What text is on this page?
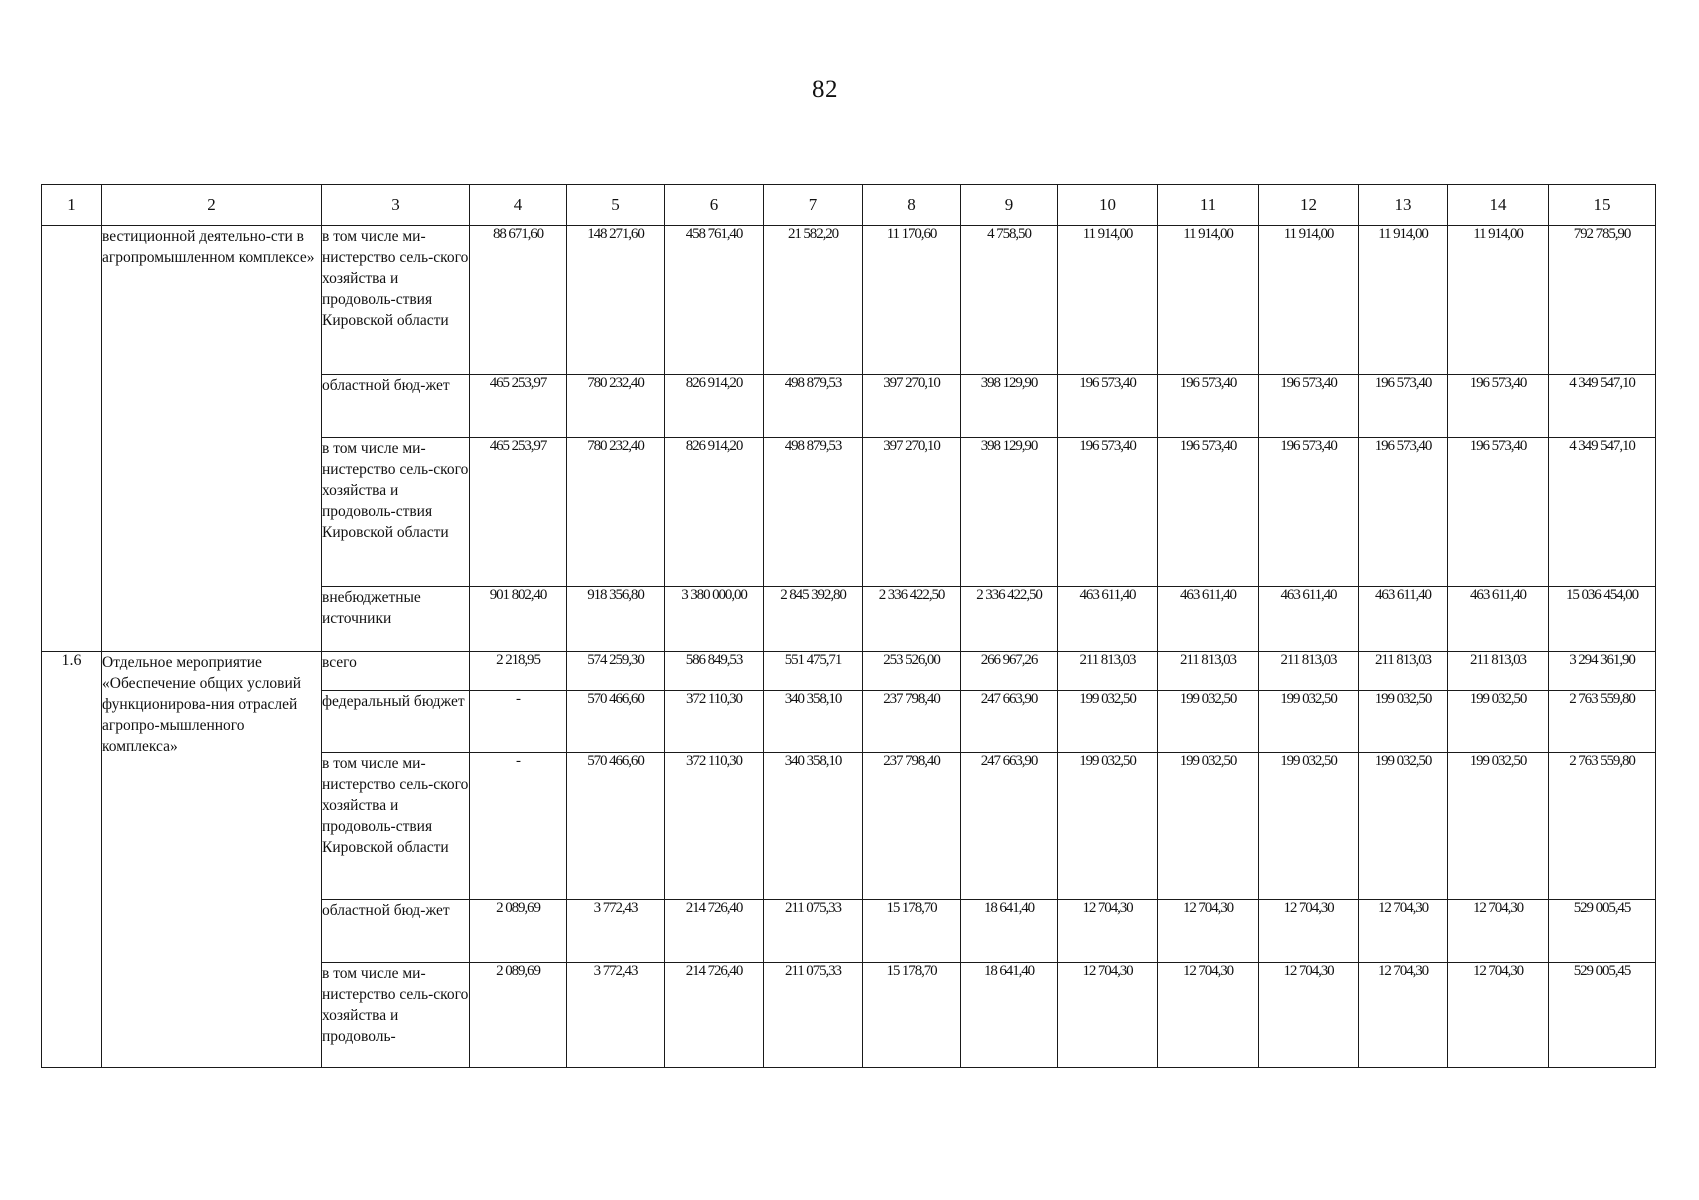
82
1	2	3	4	5	6	7	8	9	10	11	12	13	14	15
	вестиционной деятельно-сти в агропромышленном комплексе»	в том числе ми-нистерство сель-ского хозяйства и продоволь-ствия Кировской области	88 671,60	148 271,60	458 761,40	21 582,20	11 170,60	4 758,50	11 914,00	11 914,00	11 914,00	11 914,00	11 914,00	792 785,90
		областной бюд-жет	465 253,97	780 232,40	826 914,20	498 879,53	397 270,10	398 129,90	196 573,40	196 573,40	196 573,40	196 573,40	196 573,40	4 349 547,10
		в том числе ми-нистерство сель-ского хозяйства и продоволь-ствия Кировской области	465 253,97	780 232,40	826 914,20	498 879,53	397 270,10	398 129,90	196 573,40	196 573,40	196 573,40	196 573,40	196 573,40	4 349 547,10
		внебюджетные источники	901 802,40	918 356,80	3 380 000,00	2 845 392,80	2 336 422,50	2 336 422,50	463 611,40	463 611,40	463 611,40	463 611,40	463 611,40	15 036 454,00
1.6	Отдельное мероприятие «Обеспечение общих условий функционирова-ния отраслей агропро-мышленного комплекса»	всего	2 218,95	574 259,30	586 849,53	551 475,71	253 526,00	266 967,26	211 813,03	211 813,03	211 813,03	211 813,03	211 813,03	3 294 361,90
		федеральный бюджет	-	570 466,60	372 110,30	340 358,10	237 798,40	247 663,90	199 032,50	199 032,50	199 032,50	199 032,50	199 032,50	2 763 559,80
		в том числе ми-нистерство сель-ского хозяйства и продоволь-ствия Кировской области	-	570 466,60	372 110,30	340 358,10	237 798,40	247 663,90	199 032,50	199 032,50	199 032,50	199 032,50	199 032,50	2 763 559,80
		областной бюд-жет	2 089,69	3 772,43	214 726,40	211 075,33	15 178,70	18 641,40	12 704,30	12 704,30	12 704,30	12 704,30	12 704,30	529 005,45
		в том числе ми-нистерство сель-ского хозяйства и продоволь-	2 089,69	3 772,43	214 726,40	211 075,33	15 178,70	18 641,40	12 704,30	12 704,30	12 704,30	12 704,30	12 704,30	529 005,45
